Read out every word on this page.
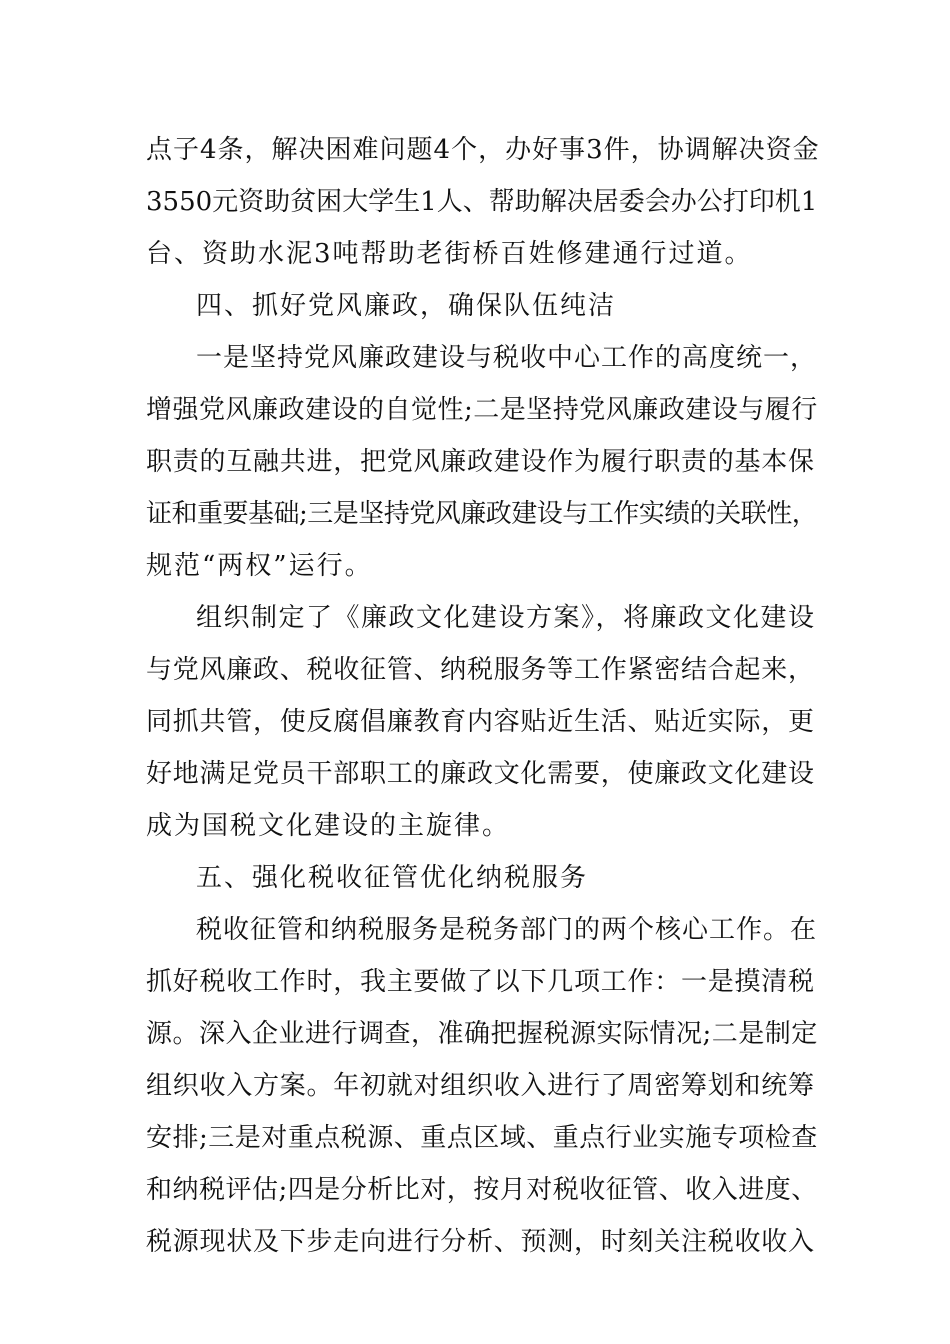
点子4条，解决困难问题4个，办好事3件，协调解决资金
3550元资助贫困大学生1人、帮助解决居委会办公打印机1
台、资助水泥3吨帮助老街桥百姓修建通行过道。
四、抓好党风廉政，确保队伍纯洁
一是坚持党风廉政建设与税收中心工作的高度统一，
增强党风廉政建设的自觉性;二是坚持党风廉政建设与履行
职责的互融共进，把党风廉政建设作为履行职责的基本保
证和重要基础;三是坚持党风廉政建设与工作实绩的关联性，
规范“两权”运行。
组织制定了《廉政文化建设方案》，将廉政文化建设
与党风廉政、税收征管、纳税服务等工作紧密结合起来，
同抓共管，使反腐倡廉教育内容贴近生活、贴近实际，更
好地满足党员干部职工的廉政文化需要，使廉政文化建设
成为国税文化建设的主旋律。
五、强化税收征管优化纳税服务
税收征管和纳税服务是税务部门的两个核心工作。在
抓好税收工作时，我主要做了以下几项工作：一是摸清税
源。深入企业进行调查，准确把握税源实际情况;二是制定
组织收入方案。年初就对组织收入进行了周密筹划和统筹
安排;三是对重点税源、重点区域、重点行业实施专项检查
和纳税评估;四是分析比对，按月对税收征管、收入进度、
税源现状及下步走向进行分析、预测，时刻关注税收收入
